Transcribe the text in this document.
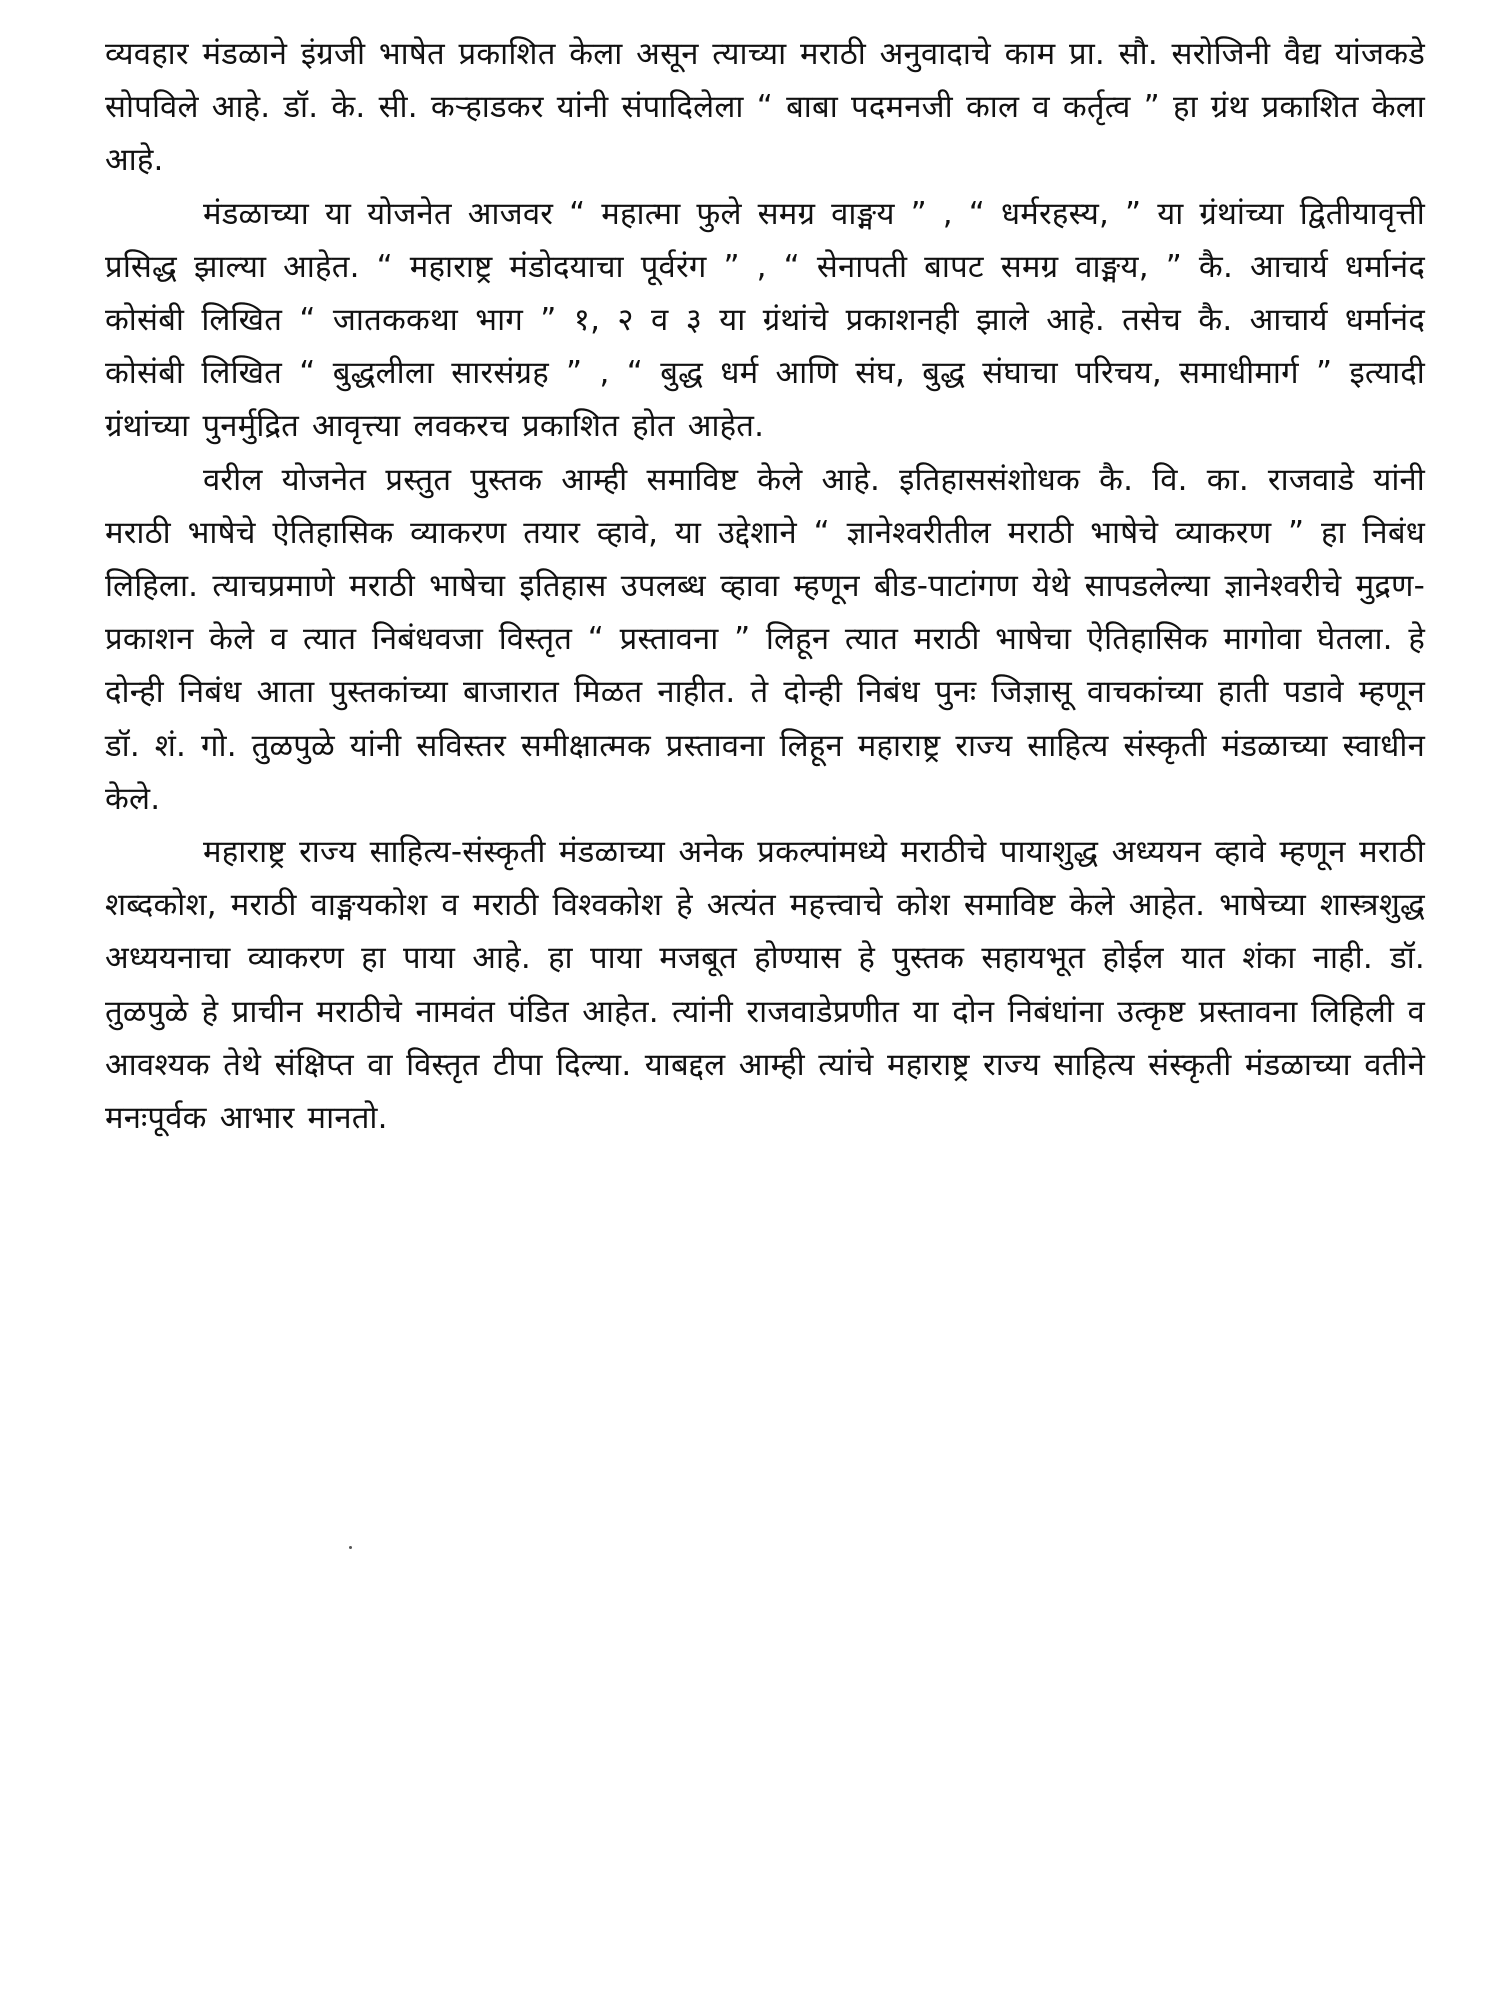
व्यवहार मंडळाने इंग्रजी भाषेत प्रकाशित केला असून त्याच्या मराठी अनुवादाचे काम प्रा. सौ. सरोजिनी वैद्य यांजकडे सोपविले आहे. डॉ. के. सी. कऱ्हाडकर यांनी संपादिलेला “ बाबा पदमनजी काल व कर्तृत्व ” हा ग्रंथ प्रकाशित केला आहे.

मंडळाच्या या योजनेत आजवर “ महात्मा फुले समग्र वाङ्मय ” , “ धर्मरहस्य, ” या ग्रंथांच्या द्वितीयावृत्ती प्रसिद्ध झाल्या आहेत. “ महाराष्ट्र मंडोदयाचा पूर्वरंग ” , “ सेनापती बापट समग्र वाङ्मय, ” कै. आचार्य धर्मानंद कोसंबी लिखित “ जातककथा भाग ” १, २ व ३ या ग्रंथांचे प्रकाशनही झाले आहे. तसेच कै. आचार्य धर्मानंद कोसंबी लिखित “ बुद्धलीला सारसंग्रह ” , “ बुद्ध धर्म आणि संघ, बुद्ध संघाचा परिचय, समाधीमार्ग ” इत्यादी ग्रंथांच्या पुनर्मुद्रित आवृत्त्या लवकरच प्रकाशित होत आहेत.

वरील योजनेत प्रस्तुत पुस्तक आम्ही समाविष्ट केले आहे. इतिहाससंशोधक कै. वि. का. राजवाडे यांनी मराठी भाषेचे ऐतिहासिक व्याकरण तयार व्हावे, या उद्देशाने “ ज्ञानेश्वरीतील मराठी भाषेचे व्याकरण ” हा निबंध लिहिला. त्याचप्रमाणे मराठी भाषेचा इतिहास उपलब्ध व्हावा म्हणून बीड-पाटांगण येथे सापडलेल्या ज्ञानेश्वरीचे मुद्रण-प्रकाशन केले व त्यात निबंधवजा विस्तृत “ प्रस्तावना ” लिहून त्यात मराठी भाषेचा ऐतिहासिक मागोवा घेतला. हे दोन्ही निबंध आता पुस्तकांच्या बाजारात मिळत नाहीत. ते दोन्ही निबंध पुनः जिज्ञासू वाचकांच्या हाती पडावे म्हणून डॉ. शं. गो. तुळपुळे यांनी सविस्तर समीक्षात्मक प्रस्तावना लिहून महाराष्ट्र राज्य साहित्य संस्कृती मंडळाच्या स्वाधीन केले.

महाराष्ट्र राज्य साहित्य-संस्कृती मंडळाच्या अनेक प्रकल्पांमध्ये मराठीचे पायाशुद्ध अध्ययन व्हावे म्हणून मराठी शब्दकोश, मराठी वाङ्मयकोश व मराठी विश्वकोश हे अत्यंत महत्त्वाचे कोश समाविष्ट केले आहेत. भाषेच्या शास्त्रशुद्ध अध्ययनाचा व्याकरण हा पाया आहे. हा पाया मजबूत होण्यास हे पुस्तक सहायभूत होईल यात शंका नाही. डॉ. तुळपुळे हे प्राचीन मराठीचे नामवंत पंडित आहेत. त्यांनी राजवाडेप्रणीत या दोन निबंधांना उत्कृष्ट प्रस्तावना लिहिली व आवश्यक तेथे संक्षिप्त वा विस्तृत टीपा दिल्या. याबद्दल आम्ही त्यांचे महाराष्ट्र राज्य साहित्य संस्कृती मंडळाच्या वतीने मनःपूर्वक आभार मानतो.
